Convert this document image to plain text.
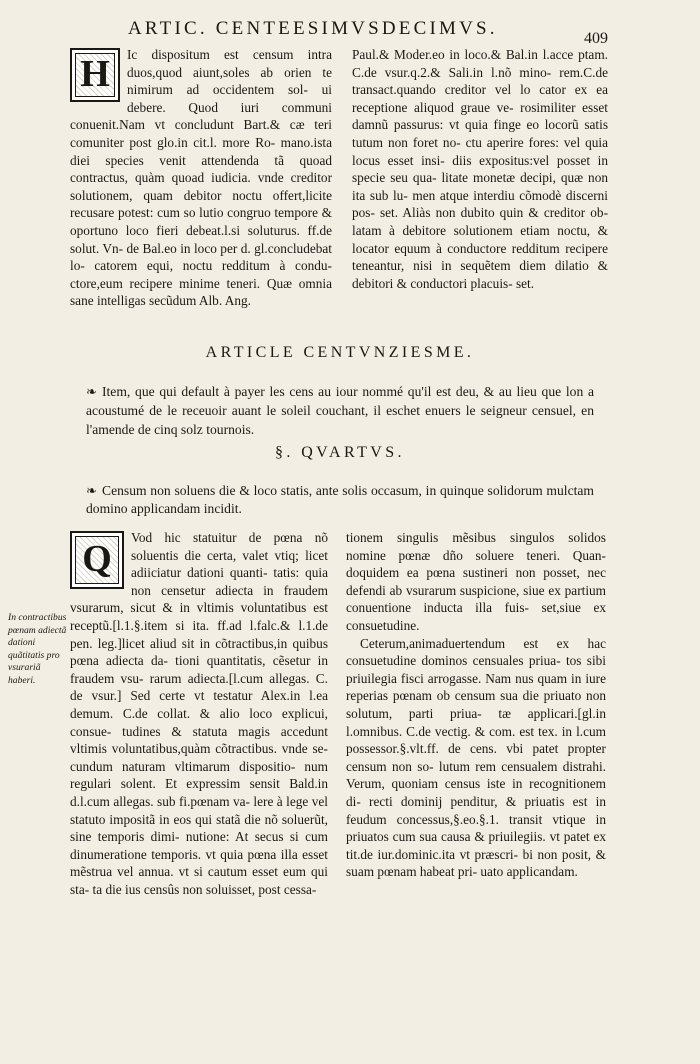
ARTIC. CENTEESIMVSDECIMVS.	409
H	Ic dispositum est censum intra duos,quod aiunt,soles ab orien te nimirum ad occidentem sol- ui debere. Quod iuri communi conuenit.Nam vt concludunt Bart.& cæ teri comuniter post glo.in cit.l. more Ro- mano.ista diei species venit attendenda tã quoad contractus, quàm quoad iudicia. vnde creditor solutionem, quam debitor noctu offert,licite recusare potest: cum so lutio congruo tempore & oportuno loco fieri debeat.l.si soluturus. ff.de solut. Vn- de Bal.eo in loco per d. gl.concludebat lo- catorem equi, noctu redditum à condu- ctore,eum recipere minime teneri. Quæ omnia sane intelligas secũdum Alb. Ang.

Paul.& Moder.eo in loco.& Bal.in l.acce ptam. C.de vsur.q.2.& Sali.in l.nõ mino- rem.C.de transact.quando creditor vel lo cator ex ea receptione aliquod graue ve- rosimiliter esset damnũ passurus: vt quia finge eo locorũ satis tutum non foret no- ctu aperire fores: vel quia locus esset insi- diis expositus:vel posset in specie seu qua- litate monetæ decipi, quæ non ita sub lu- men atque interdiu cõmodè discerni pos- set. Aliàs non dubito quin & creditor ob- latam à debitore solutionem etiam noctu, & locator equum à conductore redditum recipere teneantur, nisi in sequẽtem diem dilatio & debitori & conductori placuis- set.

ARTICLE CENTVNZIESME.
❧ Item, que qui default à payer les cens au iour nommé qu'il est deu, & au lieu que lon a acoustumé de le receuoir auant le soleil couchant, il eschet enuers le seigneur censuel, en l'amende de cinq solz tournois.
§. QVARTVS.
❧ Censum non soluens die & loco statis, ante solis occasum, in quinque solidorum mulctam domino applicandam incidit.
In contractibus pœnam adiectã dationi quãtitatis pro vsurariã haberi.
Q

Vod hic statuitur de pœna nõ soluentis die certa, valet vtiq; licet adiiciatur dationi quanti- tatis: quia non censetur adiecta in fraudem vsurarum, sicut & in vltimis voluntatibus est receptũ.[l.1.§.item si ita. ff.ad l.falc.& l.1.de pen. leg.]licet aliud sit in cõtractibus,in quibus pœna adiecta da- tioni quantitatis, cẽsetur in fraudem vsu- rarum adiecta.[l.cum allegas. C. de vsur.] Sed certe vt testatur Alex.in l.ea demum. C.de collat. & alio loco explicui, consue- tudines & statuta magis accedunt vltimis voluntatibus,quàm cõtractibus. vnde se- cundum naturam vltimarum dispositio- num regulari solent. Et expressim sensit Bald.in d.l.cum allegas. sub fi.pœnam va- lere à lege vel statuto impositã in eos qui statã die nõ soluerũt, sine temporis dimi- nutione: At secus si cum dinumeratione temporis. vt quia pœna illa esset mẽstrua vel annua. vt si cautum esset eum qui sta- ta die ius censûs non soluisset, post cessa-

tionem singulis mẽsibus singulos solidos nomine pœnæ dño soluere teneri. Quan- doquidem ea pœna sustineri non posset, nec defendi ab vsurarum suspicione, siue ex partium conuentione inducta illa fuis- set,siue ex consuetudine.

Ceterum,animaduertendum est ex hac consuetudine dominos censuales priua- tos sibi priuilegia fisci arrogasse. Nam nus quam in iure reperias pœnam ob censum sua die priuato non solutum, parti priua- tæ applicari.[gl.in l.omnibus. C.de vectig. & com. est tex. in l.cum possessor.§.vlt.ff. de cens. vbi patet propter censum non so- lutum rem censualem distrahi. Verum, quoniam census iste in recognitionem di- recti dominij penditur, & priuatis est in feudum concessus,§.eo.§.1. transit vtique in priuatos cum sua causa & priuilegiis. vt patet ex tit.de iur.dominic.ita vt præscri- bi non posit, & suam pœnam habeat pri- uato applicandam.
